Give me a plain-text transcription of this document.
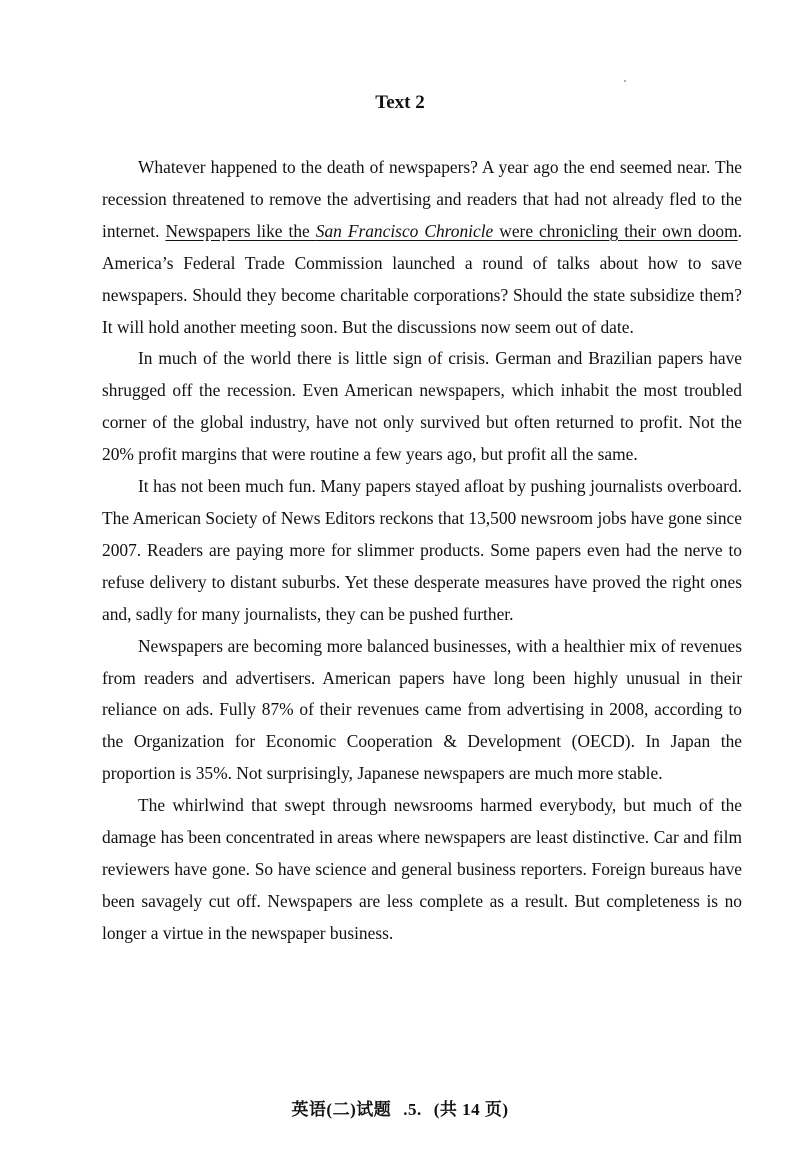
Text 2

Whatever happened to the death of newspapers? A year ago the end seemed near. The recession threatened to remove the advertising and readers that had not already fled to the internet. Newspapers like the San Francisco Chronicle were chronicling their own doom. America’s Federal Trade Commission launched a round of talks about how to save newspapers. Should they become charitable corporations? Should the state subsidize them? It will hold another meeting soon. But the discussions now seem out of date.

In much of the world there is little sign of crisis. German and Brazilian papers have shrugged off the recession. Even American newspapers, which inhabit the most troubled corner of the global industry, have not only survived but often returned to profit. Not the 20% profit margins that were routine a few years ago, but profit all the same.

It has not been much fun. Many papers stayed afloat by pushing journalists overboard. The American Society of News Editors reckons that 13,500 newsroom jobs have gone since 2007. Readers are paying more for slimmer products. Some papers even had the nerve to refuse delivery to distant suburbs. Yet these desperate measures have proved the right ones and, sadly for many journalists, they can be pushed further.

Newspapers are becoming more balanced businesses, with a healthier mix of revenues from readers and advertisers. American papers have long been highly unusual in their reliance on ads. Fully 87% of their revenues came from advertising in 2008, according to the Organization for Economic Cooperation & Development (OECD). In Japan the proportion is 35%. Not surprisingly, Japanese newspapers are much more stable.

The whirlwind that swept through newsrooms harmed everybody, but much of the damage has been concentrated in areas where newspapers are least distinctive. Car and film reviewers have gone. So have science and general business reporters. Foreign bureaus have been savagely cut off. Newspapers are less complete as a result. But completeness is no longer a virtue in the newspaper business.

英语(二)试题 .5. (共 14 页)
